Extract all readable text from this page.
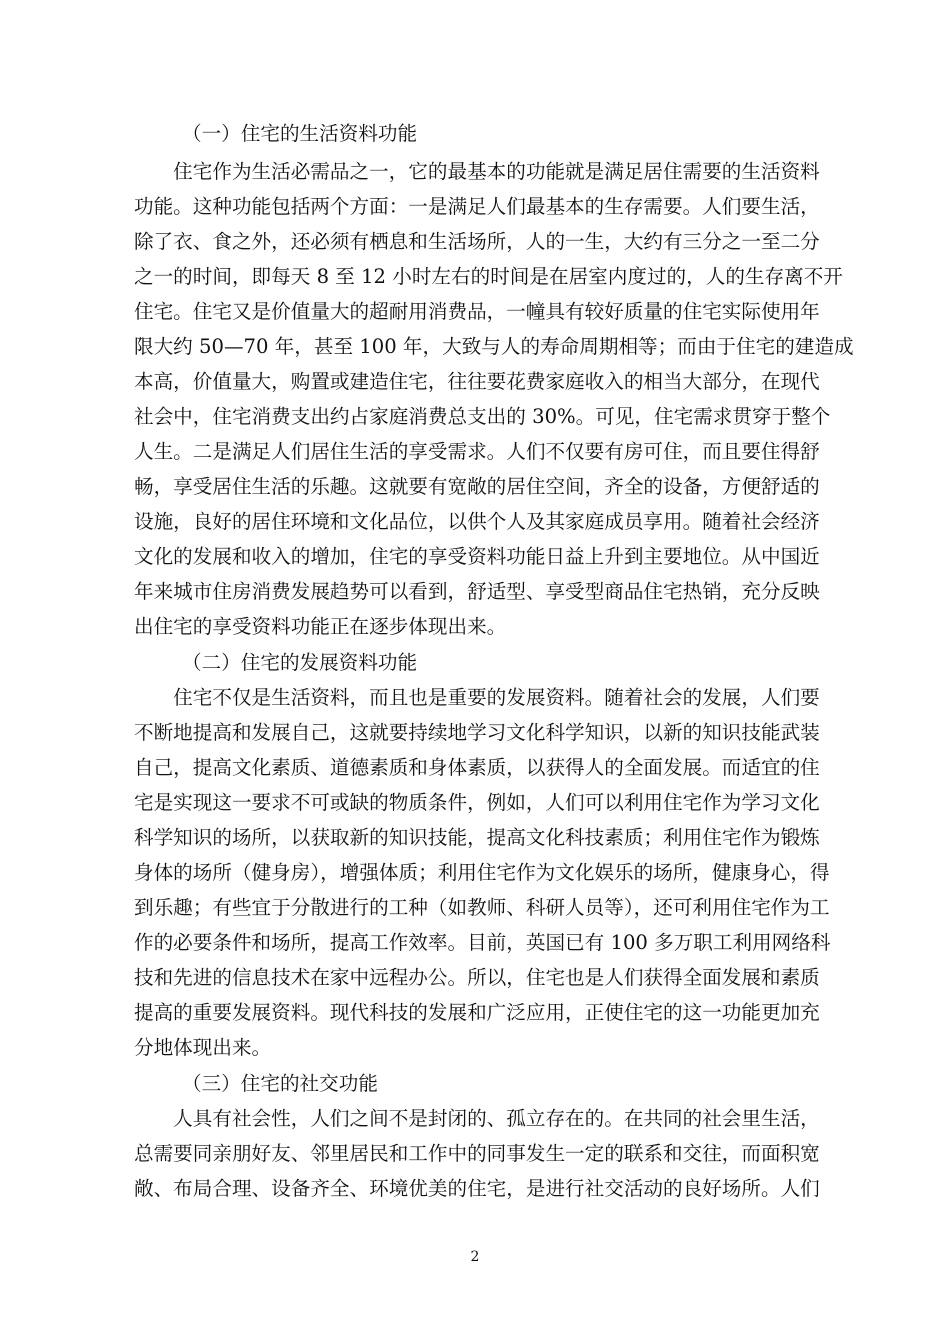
（一）住宅的生活资料功能
　　住宅作为生活必需品之一，它的最基本的功能就是满足居住需要的生活资料
功能。这种功能包括两个方面：一是满足人们最基本的生存需要。人们要生活，
除了衣、食之外，还必须有栖息和生活场所，人的一生，大约有三分之一至二分
之一的时间，即每天 8 至 12 小时左右的时间是在居室内度过的，人的生存离不开
住宅。住宅又是价值量大的超耐用消费品，一幢具有较好质量的住宅实际使用年
限大约 50—70 年，甚至 100 年，大致与人的寿命周期相等；而由于住宅的建造成
本高，价值量大，购置或建造住宅，往往要花费家庭收入的相当大部分，在现代
社会中，住宅消费支出约占家庭消费总支出的 30%。可见，住宅需求贯穿于整个
人生。二是满足人们居住生活的享受需求。人们不仅要有房可住，而且要住得舒
畅，享受居住生活的乐趣。这就要有宽敞的居住空间，齐全的设备，方便舒适的
设施，良好的居住环境和文化品位，以供个人及其家庭成员享用。随着社会经济
文化的发展和收入的增加，住宅的享受资料功能日益上升到主要地位。从中国近
年来城市住房消费发展趋势可以看到，舒适型、享受型商品住宅热销，充分反映
出住宅的享受资料功能正在逐步体现出来。
（二）住宅的发展资料功能
　　住宅不仅是生活资料，而且也是重要的发展资料。随着社会的发展，人们要
不断地提高和发展自己，这就要持续地学习文化科学知识，以新的知识技能武装
自己，提高文化素质、道德素质和身体素质，以获得人的全面发展。而适宜的住
宅是实现这一要求不可或缺的物质条件，例如，人们可以利用住宅作为学习文化
科学知识的场所，以获取新的知识技能，提高文化科技素质；利用住宅作为锻炼
身体的场所（健身房），增强体质；利用住宅作为文化娱乐的场所，健康身心，得
到乐趣；有些宜于分散进行的工种（如教师、科研人员等），还可利用住宅作为工
作的必要条件和场所，提高工作效率。目前，英国已有 100 多万职工利用网络科
技和先进的信息技术在家中远程办公。所以，住宅也是人们获得全面发展和素质
提高的重要发展资料。现代科技的发展和广泛应用，正使住宅的这一功能更加充
分地体现出来。
（三）住宅的社交功能
　　人具有社会性，人们之间不是封闭的、孤立存在的。在共同的社会里生活，
总需要同亲朋好友、邻里居民和工作中的同事发生一定的联系和交往，而面积宽
敞、布局合理、设备齐全、环境优美的住宅，是进行社交活动的良好场所。人们
2
